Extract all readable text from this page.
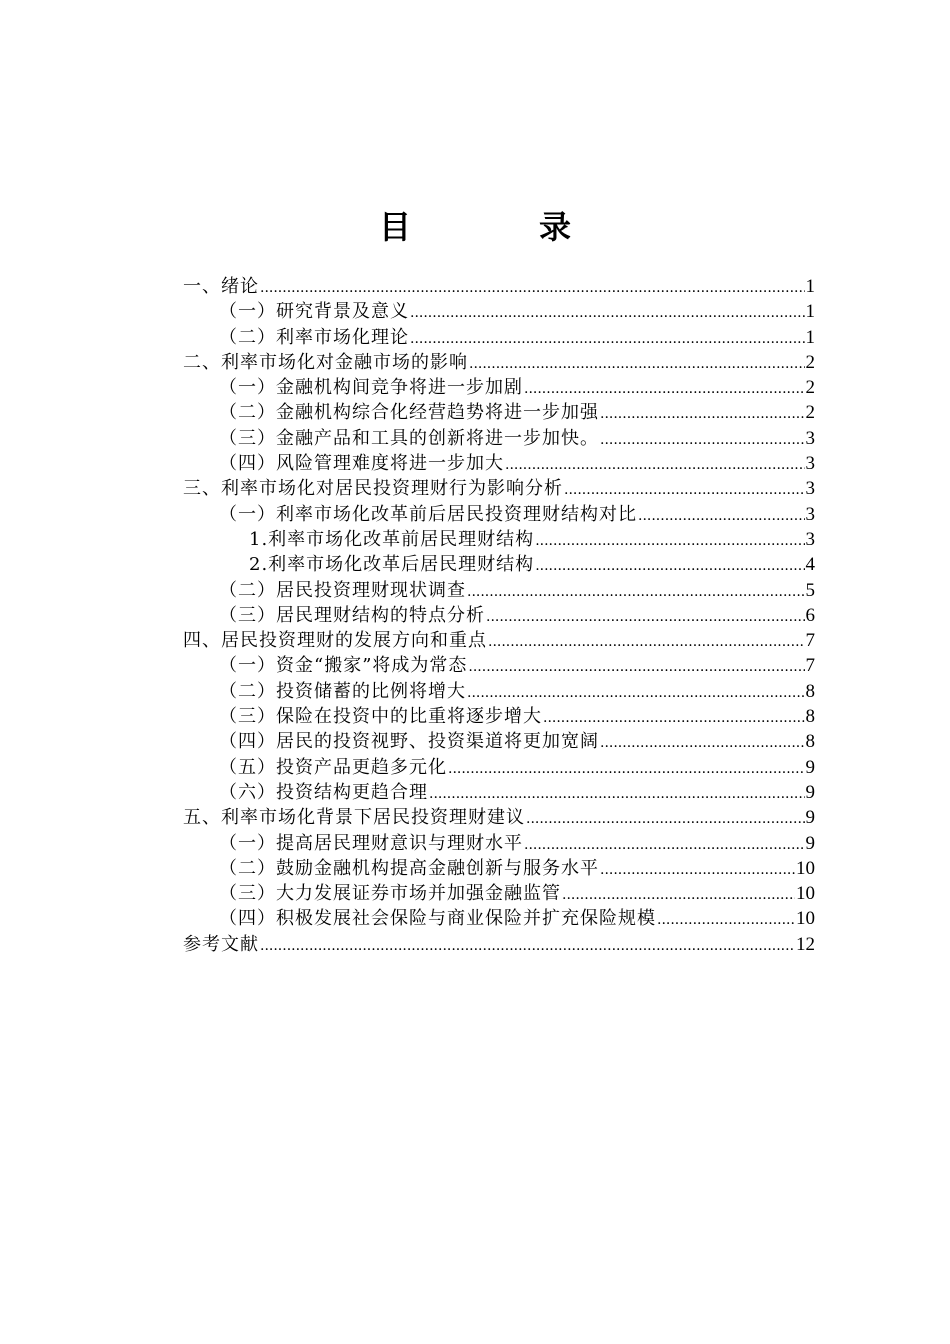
目　录
一、绪论 .....	1
（一）研究背景及意义 .....	1
（二）利率市场化理论 .....	1
二、利率市场化对金融市场的影响 .....	2
（一）金融机构间竞争将进一步加剧 .....	2
（二）金融机构综合化经营趋势将进一步加强 .....	2
（三）金融产品和工具的创新将进一步加快。 .....	3
（四）风险管理难度将进一步加大 .....	3
三、利率市场化对居民投资理财行为影响分析 .....	3
（一）利率市场化改革前后居民投资理财结构对比 .....	3
1.利率市场化改革前居民理财结构 .....	3
2.利率市场化改革后居民理财结构 .....	4
（二）居民投资理财现状调查 .....	5
（三）居民理财结构的特点分析 .....	6
四、居民投资理财的发展方向和重点 .....	7
（一）资金“搬家”将成为常态 .....	7
（二）投资储蓄的比例将增大 .....	8
（三）保险在投资中的比重将逐步增大 .....	8
（四）居民的投资视野、投资渠道将更加宽阔 .....	8
（五）投资产品更趋多元化 .....	9
（六）投资结构更趋合理 .....	9
五、利率市场化背景下居民投资理财建议 .....	9
（一）提高居民理财意识与理财水平 .....	9
（二）鼓励金融机构提高金融创新与服务水平 .....	10
（三）大力发展证券市场并加强金融监管 .....	10
（四）积极发展社会保险与商业保险并扩充保险规模 .....	10
参考文献 .....	12
